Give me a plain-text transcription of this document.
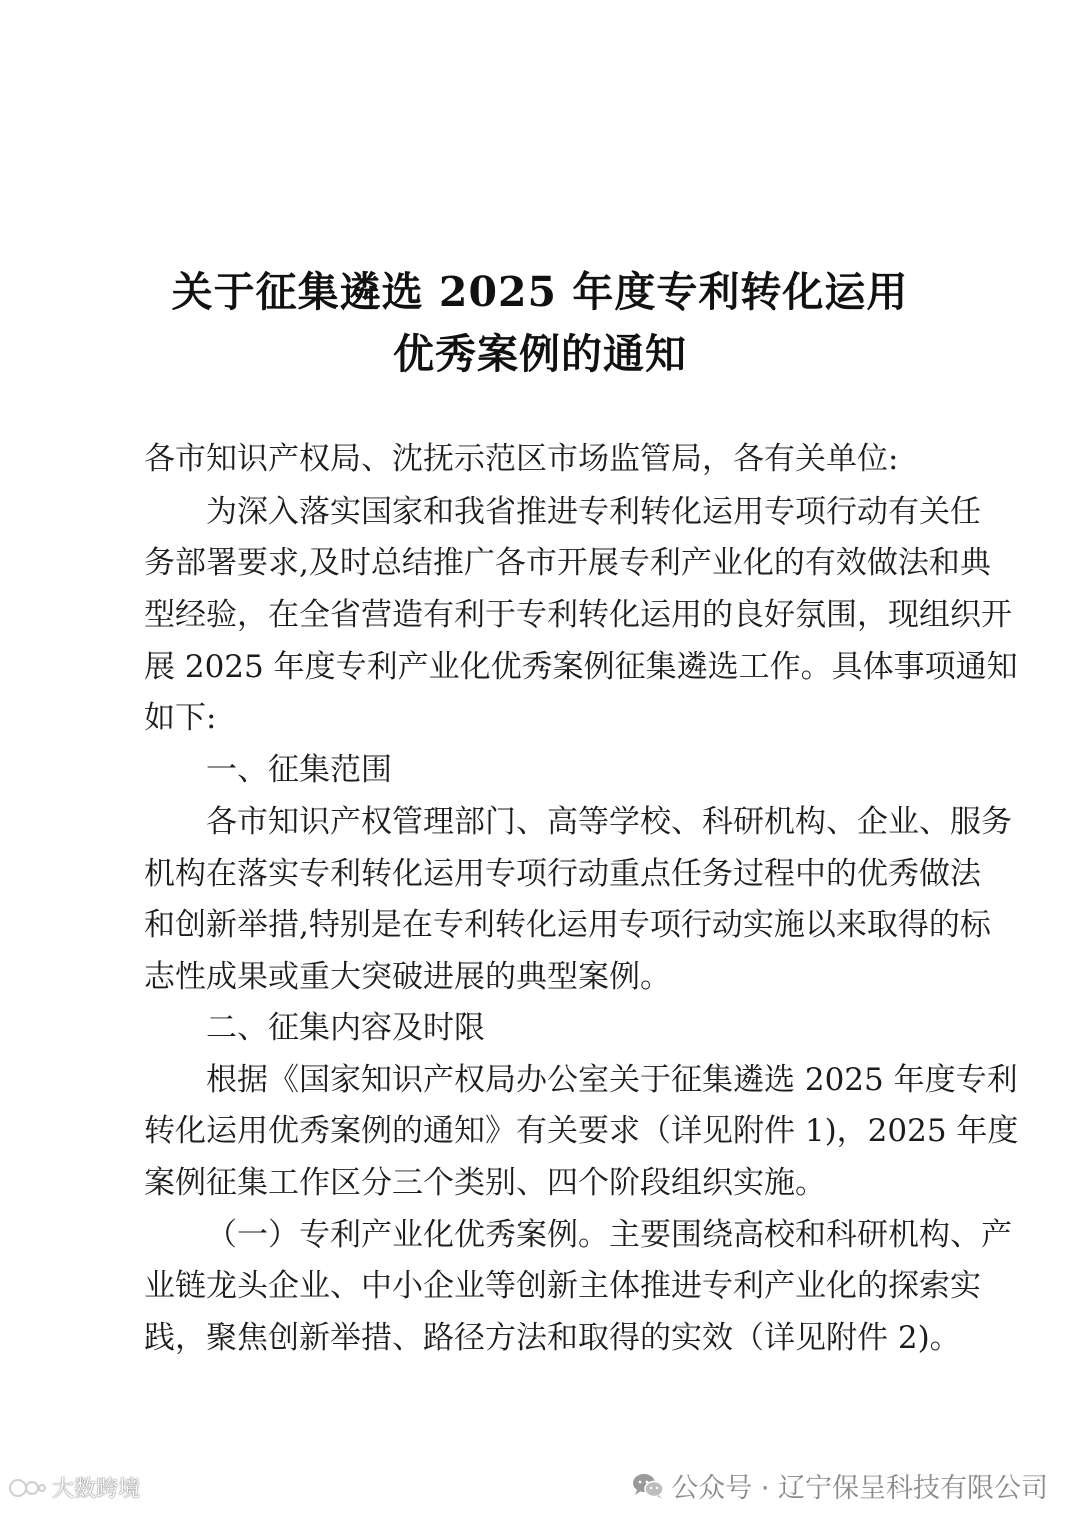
关于征集遴选 2025 年度专利转化运用
优秀案例的通知
各市知识产权局、沈抚示范区市场监管局，各有关单位:
为深入落实国家和我省推进专利转化运用专项行动有关任
务部署要求,及时总结推广各市开展专利产业化的有效做法和典
型经验，在全省营造有利于专利转化运用的良好氛围，现组织开
展 2025 年度专利产业化优秀案例征集遴选工作。具体事项通知
如下:
一、征集范围
各市知识产权管理部门、高等学校、科研机构、企业、服务
机构在落实专利转化运用专项行动重点任务过程中的优秀做法
和创新举措,特别是在专利转化运用专项行动实施以来取得的标
志性成果或重大突破进展的典型案例。
二、征集内容及时限
根据《国家知识产权局办公室关于征集遴选 2025 年度专利
转化运用优秀案例的通知》有关要求（详见附件 1)，2025 年度
案例征集工作区分三个类别、四个阶段组织实施。
（一）专利产业化优秀案例。主要围绕高校和科研机构、产
业链龙头企业、中小企业等创新主体推进专利产业化的探索实
践，聚焦创新举措、路径方法和取得的实效（详见附件 2)。
大数跨境	公众号 · 辽宁保呈科技有限公司
